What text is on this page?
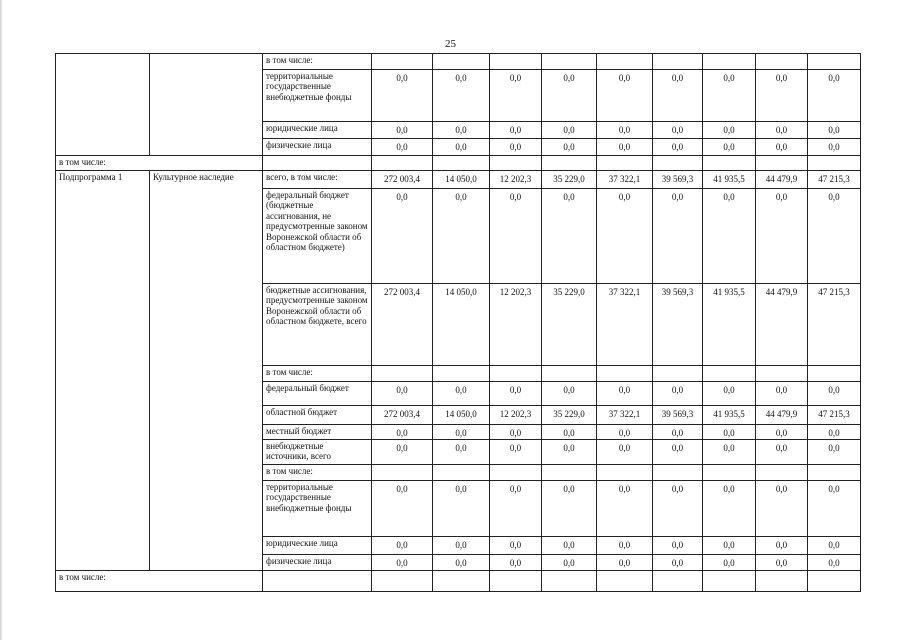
25
		в том числе:									
		территориальные государственные внебюджетные фонды	0,0	0,0	0,0	0,0	0,0	0,0	0,0	0,0	0,0
		юридические лица	0,0	0,0	0,0	0,0	0,0	0,0	0,0	0,0	0,0
		физические лица	0,0	0,0	0,0	0,0	0,0	0,0	0,0	0,0	0,0
в том числе:											
Подпрограмма 1	Культурное наследие	всего, в том числе:	272 003,4	14 050,0	12 202,3	35 229,0	37 322,1	39 569,3	41 935,5	44 479,9	47 215,3
		федеральный бюджет (бюджетные ассигнования, не предусмотренные законом Воронежской области об областном бюджете)	0,0	0,0	0,0	0,0	0,0	0,0	0,0	0,0	0,0
		бюджетные ассигнования, предусмотренные законом Воронежской области об областном бюджете, всего	272 003,4	14 050,0	12 202,3	35 229,0	37 322,1	39 569,3	41 935,5	44 479,9	47 215,3
		в том числе:									
		федеральный бюджет	0,0	0,0	0,0	0,0	0,0	0,0	0,0	0,0	0,0
		областной бюджет	272 003,4	14 050,0	12 202,3	35 229,0	37 322,1	39 569,3	41 935,5	44 479,9	47 215,3
		местный бюджет	0,0	0,0	0,0	0,0	0,0	0,0	0,0	0,0	0,0
		внебюджетные источники, всего	0,0	0,0	0,0	0,0	0,0	0,0	0,0	0,0	0,0
		в том числе:									
		территориальные государственные внебюджетные фонды	0,0	0,0	0,0	0,0	0,0	0,0	0,0	0,0	0,0
		юридические лица	0,0	0,0	0,0	0,0	0,0	0,0	0,0	0,0	0,0
		физические лица	0,0	0,0	0,0	0,0	0,0	0,0	0,0	0,0	0,0
в том числе:											
